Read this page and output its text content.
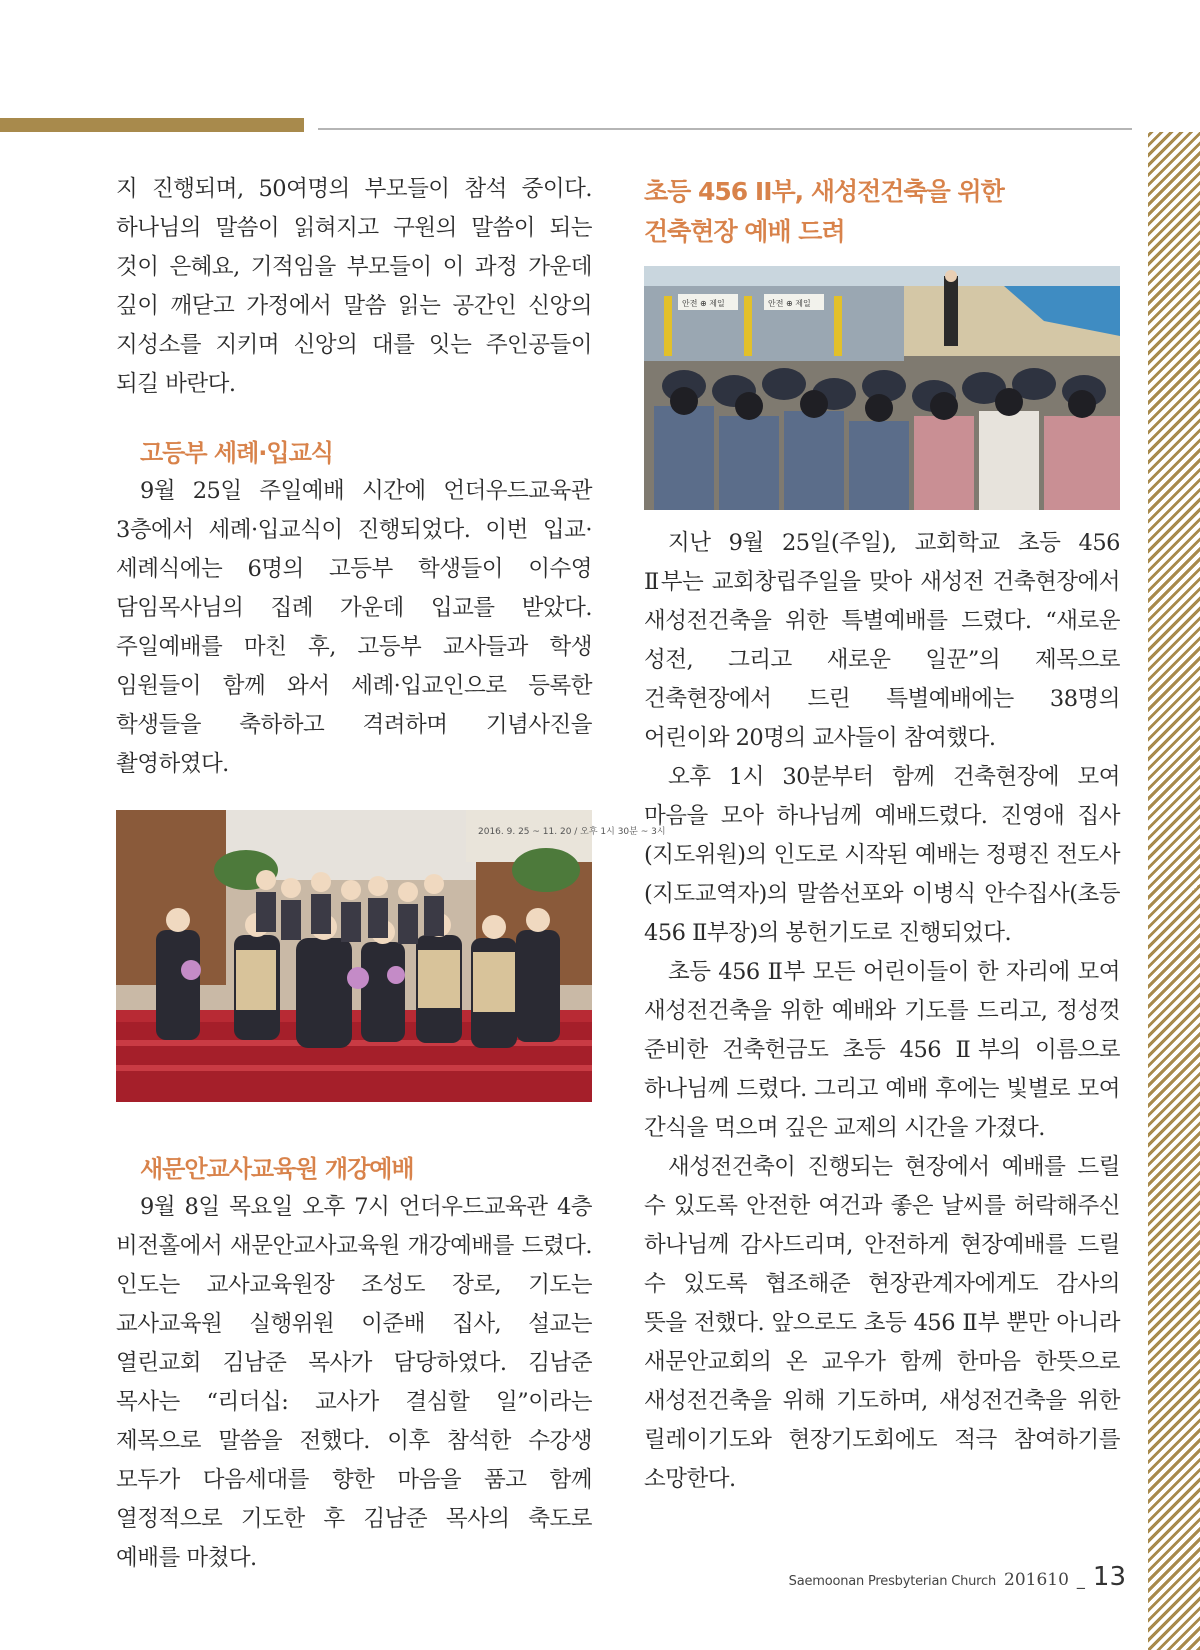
지 진행되며, 50여명의 부모들이 참석 중이다. 하나님의 말씀이 읽혀지고 구원의 말씀이 되는 것이 은혜요, 기적임을 부모들이 이 과정 가운데 깊이 깨닫고 가정에서 말씀 읽는 공간인 신앙의 지성소를 지키며 신앙의 대를 잇는 주인공들이 되길 바란다.

고등부 세례·입교식

9월 25일 주일예배 시간에 언더우드교육관 3층에서 세례·입교식이 진행되었다. 이번 입교·세례식에는 6명의 고등부 학생들이 이수영 담임목사님의 집례 가운데 입교를 받았다. 주일예배를 마친 후, 고등부 교사들과 학생 임원들이 함께 와서 세례·입교인으로 등록한 학생들을 축하하고 격려하며 기념사진을 촬영하였다.

2016. 9. 25 ~ 11. 20 / 오후 1시 30분 ~ 3시
새문안교사교육원 개강예배

9월 8일 목요일 오후 7시 언더우드교육관 4층 비전홀에서 새문안교사교육원 개강예배를 드렸다. 인도는 교사교육원장 조성도 장로, 기도는 교사교육원 실행위원 이준배 집사, 설교는 열린교회 김남준 목사가 담당하였다. 김남준 목사는 “리더십: 교사가 결심할 일”이라는 제목으로 말씀을 전했다. 이후 참석한 수강생 모두가 다음세대를 향한 마음을 품고 함께 열정적으로 기도한 후 김남준 목사의 축도로 예배를 마쳤다.

초등 456 II부, 새성전건축을 위한
건축현장 예배 드려
안전 ⊕ 제일	안전 ⊕ 제일

지난 9월 25일(주일), 교회학교 초등 456 Ⅱ부는 교회창립주일을 맞아 새성전 건축현장에서 새성전건축을 위한 특별예배를 드렸다. “새로운 성전, 그리고 새로운 일꾼”의 제목으로 건축현장에서 드린 특별예배에는 38명의 어린이와 20명의 교사들이 참여했다.

오후 1시 30분부터 함께 건축현장에 모여 마음을 모아 하나님께 예배드렸다. 진영애 집사(지도위원)의 인도로 시작된 예배는 정평진 전도사(지도교역자)의 말씀선포와 이병식 안수집사(초등 456 Ⅱ부장)의 봉헌기도로 진행되었다.

초등 456 Ⅱ부 모든 어린이들이 한 자리에 모여 새성전건축을 위한 예배와 기도를 드리고, 정성껏 준비한 건축헌금도 초등 456 Ⅱ부의 이름으로 하나님께 드렸다. 그리고 예배 후에는 빛별로 모여 간식을 먹으며 깊은 교제의 시간을 가졌다.

새성전건축이 진행되는 현장에서 예배를 드릴 수 있도록 안전한 여건과 좋은 날씨를 허락해주신 하나님께 감사드리며, 안전하게 현장예배를 드릴 수 있도록 협조해준 현장관계자에게도 감사의 뜻을 전했다. 앞으로도 초등 456 Ⅱ부 뿐만 아니라 새문안교회의 온 교우가 함께 한마음 한뜻으로 새성전건축을 위해 기도하며, 새성전건축을 위한 릴레이기도와 현장기도회에도 적극 참여하기를 소망한다.

Saemoonan Presbyterian Church 201610 _ 13
